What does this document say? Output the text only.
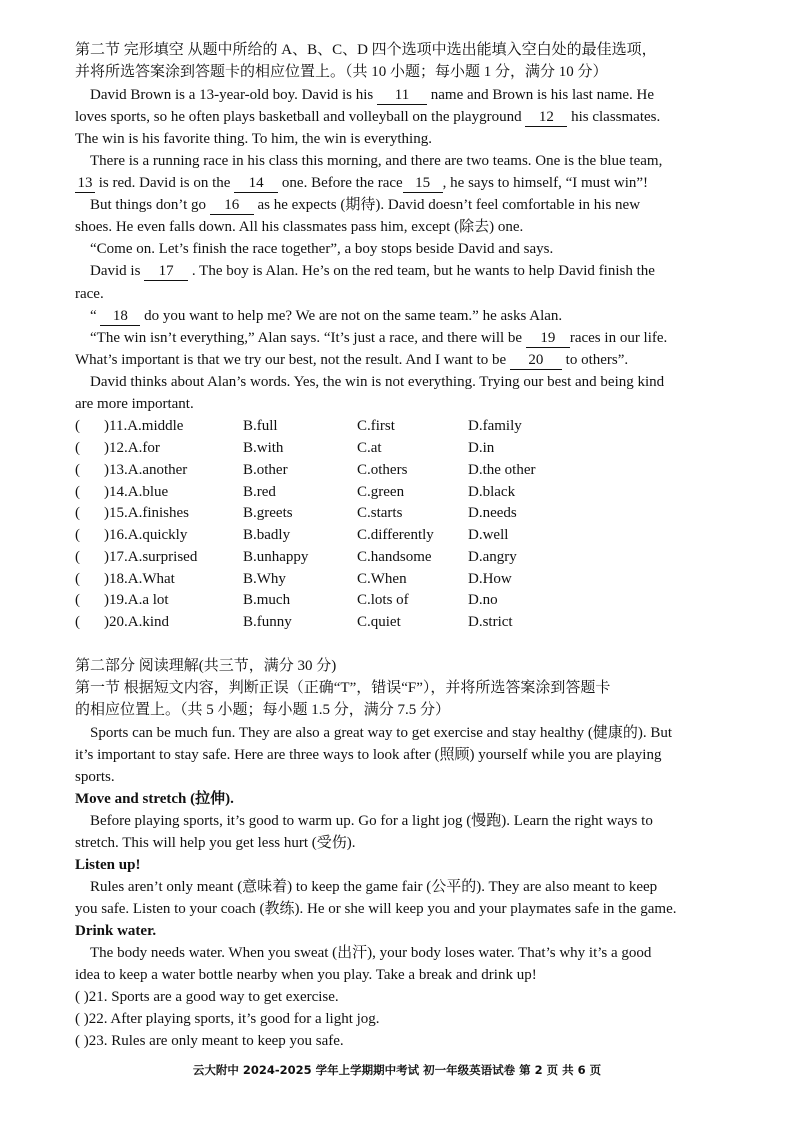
第二节 完形填空 从题中所给的 A、B、C、D 四个选项中选出能填入空白处的最佳选项，
并将所选答案涂到答题卡的相应位置上。（共 10 小题；每小题 1 分，满分 10 分）
David Brown is a 13-year-old boy. David is his 11 name and Brown is his last name. He
loves sports, so he often plays basketball and volleyball on the playground 12 his classmates.
The win is his favorite thing. To him, the win is everything.
There is a running race in his class this morning, and there are two teams. One is the blue team,
13 is red. David is on the 14 one. Before the race 15 , he says to himself, “I must win”!
But things don’t go 16 as he expects (期待). David doesn’t feel comfortable in his new
shoes. He even falls down. All his classmates pass him, except (除去) one.
“Come on. Let’s finish the race together”, a boy stops beside David and says.
David is 17 . The boy is Alan. He’s on the red team, but he wants to help David finish the
race.
“ 18 do you want to help me? We are not on the same team.” he asks Alan.
“The win isn’t everything,” Alan says. “It’s just a race, and there will be 19 races in our life.
What’s important is that we try our best, not the result. And I want to be 20 to others”.
David thinks about Alan’s words. Yes, the win is not everything. Trying our best and being kind
are more important.
( )11.A.middle	B.full	C.first	D.family
( )12.A.for	B.with	C.at	D.in
( )13.A.another	B.other	C.others	D.the other
( )14.A.blue	B.red	C.green	D.black
( )15.A.finishes	B.greets	C.starts	D.needs
( )16.A.quickly	B.badly	C.differently D.well
( )17.A.surprised	B.unhappy	C.handsome D.angry
( )18.A.What	B.Why	C.When	D.How
( )19.A.a lot	B.much	C.lots of	D.no
( )20.A.kind	B.funny	C.quiet	D.strict
第二部分 阅读理解(共三节，满分 30 分)
第一节 根据短文内容，判断正误（正确“T”，错误“F”），并将所选答案涂到答题卡
的相应位置上。（共 5 小题；每小题 1.5 分，满分 7.5 分）
Sports can be much fun. They are also a great way to get exercise and stay healthy (健康的). But
it’s important to stay safe. Here are three ways to look after (照顾) yourself while you are playing
sports.
Move and stretch (拉伸).
Before playing sports, it’s good to warm up. Go for a light jog (慢跑). Learn the right ways to
stretch. This will help you get less hurt (受伤).
Listen up!
Rules aren’t only meant (意味着) to keep the game fair (公平的). They are also meant to keep
you safe. Listen to your coach (教练). He or she will keep you and your playmates safe in the game.
Drink water.
The body needs water. When you sweat (出汗), your body loses water. That’s why it’s a good
idea to keep a water bottle nearby when you play. Take a break and drink up!
( )21. Sports are a good way to get exercise.
( )22. After playing sports, it’s good for a light jog.
( )23. Rules are only meant to keep you safe.
云大附中 2024-2025 学年上学期期中考试 初一年级英语试卷 第 2 页 共 6 页
